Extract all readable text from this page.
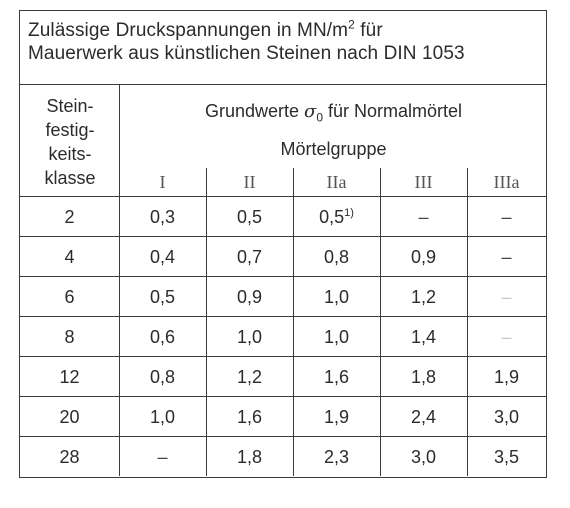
Zulässige Druckspannungen in $MN/m^2$ für
Mauerwerk aus künstlichen Steinen nach DIN 1053
Stein-
festig-
keits-
klasse
Grundwerte $\sigma_0$ für Normalmörtel
Mörtelgruppe
I	II	IIa	III	IIIa
2	0,3	0,5	0,5$^{1)}$	–	–
4	0,4	0,7	0,8	0,9	–
6	0,5	0,9	1,0	1,2	–
8	0,6	1,0	1,0	1,4	–
12	0,8	1,2	1,6	1,8	1,9
20	1,0	1,6	1,9	2,4	3,0
28	–	1,8	2,3	3,0	3,5
